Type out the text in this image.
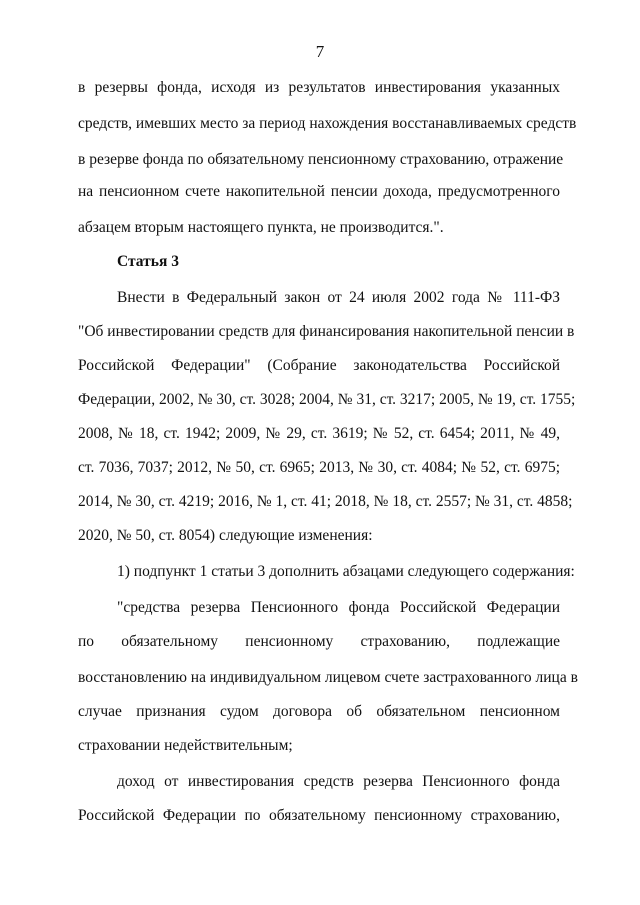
7
в резервы фонда, исходя из результатов инвестирования указанных
средств, имевших место за период нахождения восстанавливаемых средств
в резерве фонда по обязательному пенсионному страхованию, отражение
на пенсионном счете накопительной пенсии дохода, предусмотренного
абзацем вторым настоящего пункта, не производится.".
Статья 3
Внести в Федеральный закон от 24 июля 2002 года № 111-ФЗ
"Об инвестировании средств для финансирования накопительной пенсии в
Российской Федерации" (Собрание законодательства Российской
Федерации, 2002, № 30, ст. 3028; 2004, № 31, ст. 3217; 2005, № 19, ст. 1755;
2008, № 18, ст. 1942; 2009, № 29, ст. 3619; № 52, ст. 6454; 2011, № 49,
ст. 7036, 7037; 2012, № 50, ст. 6965; 2013, № 30, ст. 4084; № 52, ст. 6975;
2014, № 30, ст. 4219; 2016, № 1, ст. 41; 2018, № 18, ст. 2557; № 31, ст. 4858;
2020, № 50, ст. 8054) следующие изменения:
1) подпункт 1 статьи 3 дополнить абзацами следующего содержания:
"средства резерва Пенсионного фонда Российской Федерации
по обязательному пенсионному страхованию, подлежащие
восстановлению на индивидуальном лицевом счете застрахованного лица в
случае признания судом договора об обязательном пенсионном
страховании недействительным;
доход от инвестирования средств резерва Пенсионного фонда
Российской Федерации по обязательному пенсионному страхованию,
